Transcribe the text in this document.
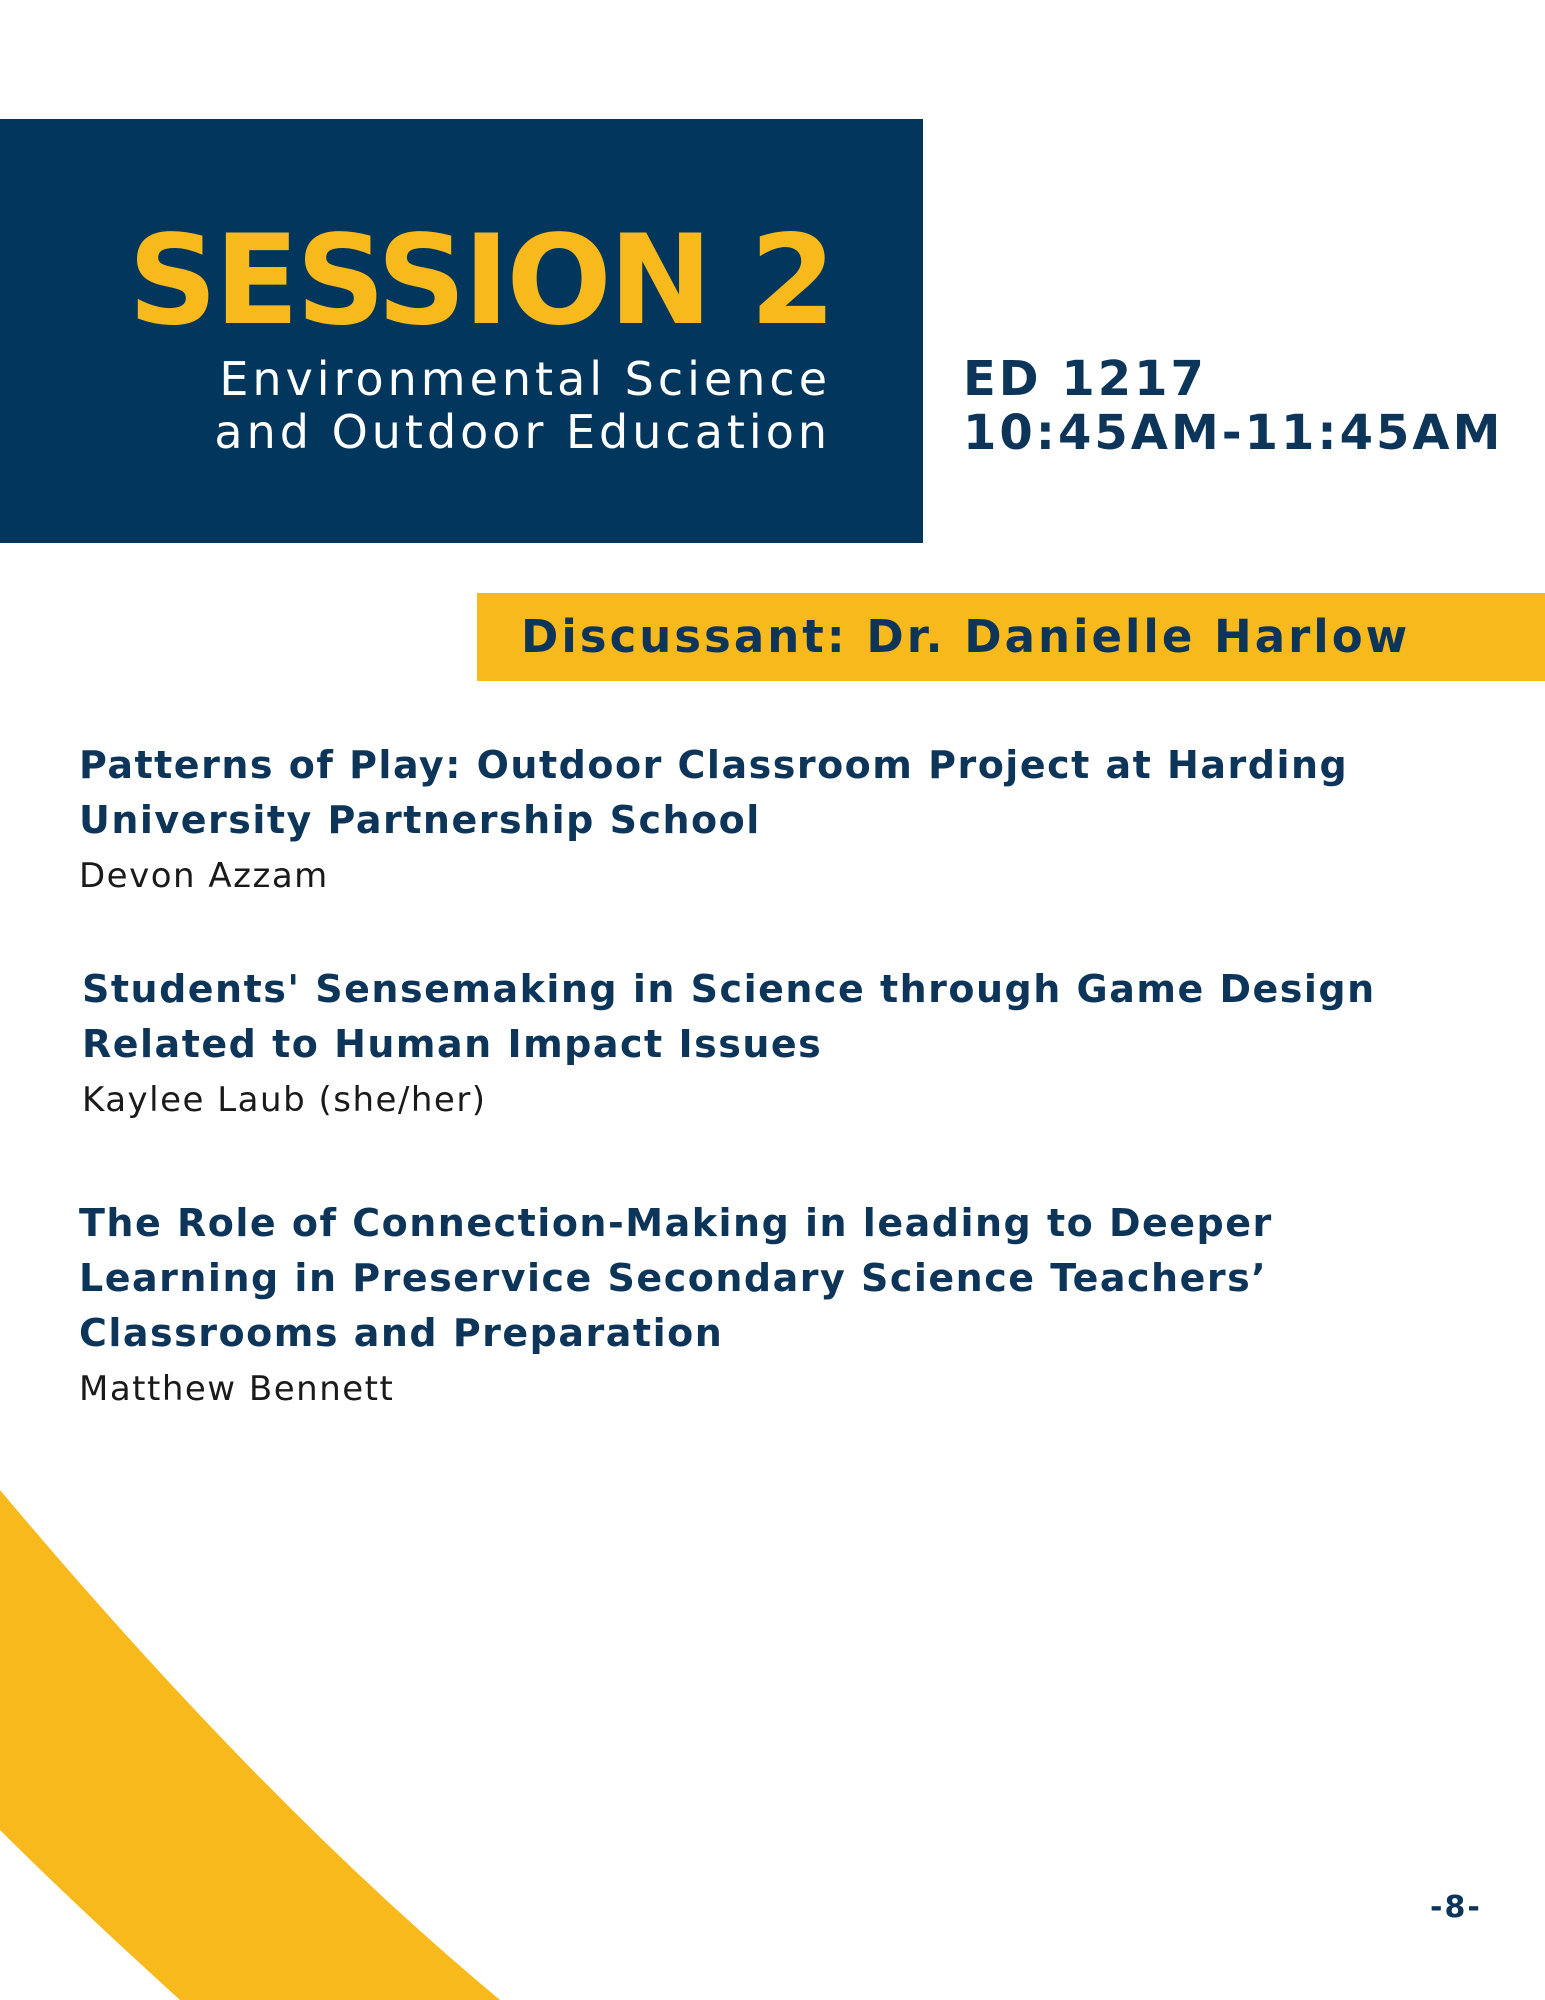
SESSION 2
Environmental Science
and Outdoor Education
ED 1217
10:45AM-11:45AM
Discussant: Dr. Danielle Harlow
Patterns of Play: Outdoor Classroom Project at Harding
University Partnership School
Devon Azzam
Students' Sensemaking in Science through Game Design
Related to Human Impact Issues
Kaylee Laub (she/her)
The Role of Connection-Making in leading to Deeper
Learning in Preservice Secondary Science Teachers’
Classrooms and Preparation
Matthew Bennett
-8-
